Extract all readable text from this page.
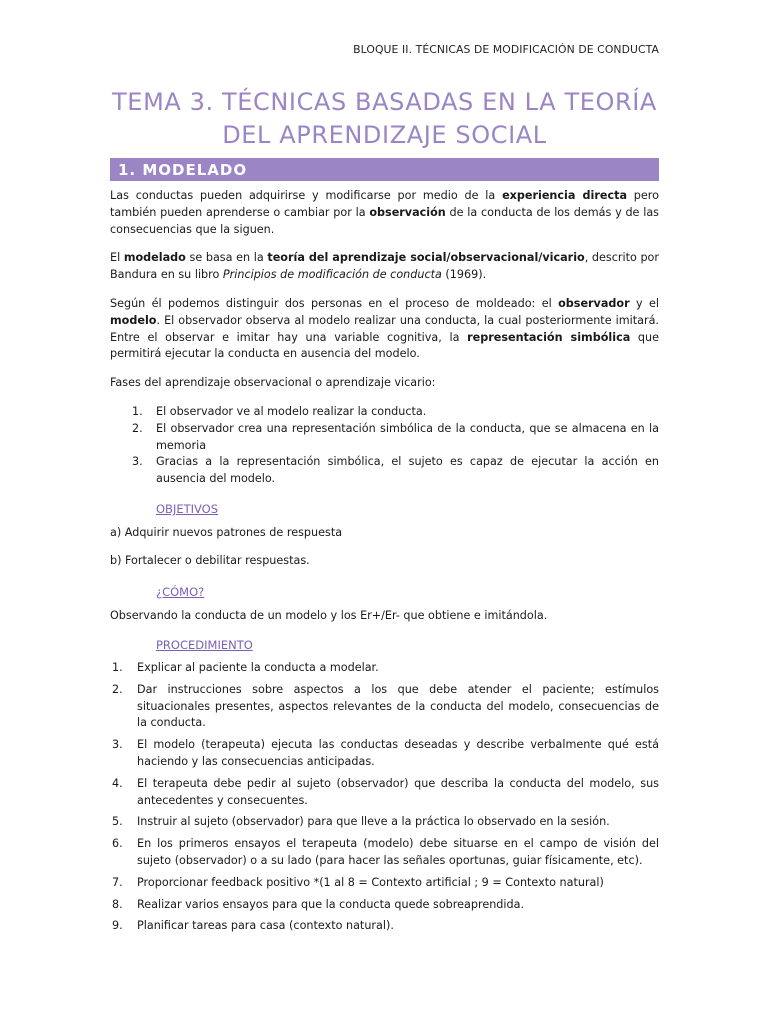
BLOQUE II. TÉCNICAS DE MODIFICACIÓN DE CONDUCTA
TEMA 3. TÉCNICAS BASADAS EN LA TEORÍA
DEL APRENDIZAJE SOCIAL
1. MODELADO

Las conductas pueden adquirirse y modificarse por medio de la experiencia directa pero también pueden aprenderse o cambiar por la observación de la conducta de los demás y de las consecuencias que la siguen.

El modelado se basa en la teoría del aprendizaje social/observacional/vicario, descrito por Bandura en su libro Principios de modificación de conducta (1969).

Según él podemos distinguir dos personas en el proceso de moldeado: el observador y el modelo. El observador observa al modelo realizar una conducta, la cual posteriormente imitará. Entre el observar e imitar hay una variable cognitiva, la representación simbólica que permitirá ejecutar la conducta en ausencia del modelo.

Fases del aprendizaje observacional o aprendizaje vicario:

1. El observador ve al modelo realizar la conducta.
2. El observador crea una representación simbólica de la conducta, que se almacena en la memoria
3. Gracias a la representación simbólica, el sujeto es capaz de ejecutar la acción en ausencia del modelo.
OBJETIVOS

a) Adquirir nuevos patrones de respuesta

b) Fortalecer o debilitar respuestas.

¿CÓMO?

Observando la conducta de un modelo y los Er+/Er- que obtiene e imitándola.

PROCEDIMIENTO
1. Explicar al paciente la conducta a modelar.
2. Dar instrucciones sobre aspectos a los que debe atender el paciente; estímulos situacionales presentes, aspectos relevantes de la conducta del modelo, consecuencias de la conducta.
3. El modelo (terapeuta) ejecuta las conductas deseadas y describe verbalmente qué está haciendo y las consecuencias anticipadas.
4. El terapeuta debe pedir al sujeto (observador) que describa la conducta del modelo, sus antecedentes y consecuentes.
5. Instruir al sujeto (observador) para que lleve a la práctica lo observado en la sesión.
6. En los primeros ensayos el terapeuta (modelo) debe situarse en el campo de visión del sujeto (observador) o a su lado (para hacer las señales oportunas, guiar físicamente, etc).
7. Proporcionar feedback positivo *(1 al 8 = Contexto artificial ; 9 = Contexto natural)
8. Realizar varios ensayos para que la conducta quede sobreaprendida.
9. Planificar tareas para casa (contexto natural).
